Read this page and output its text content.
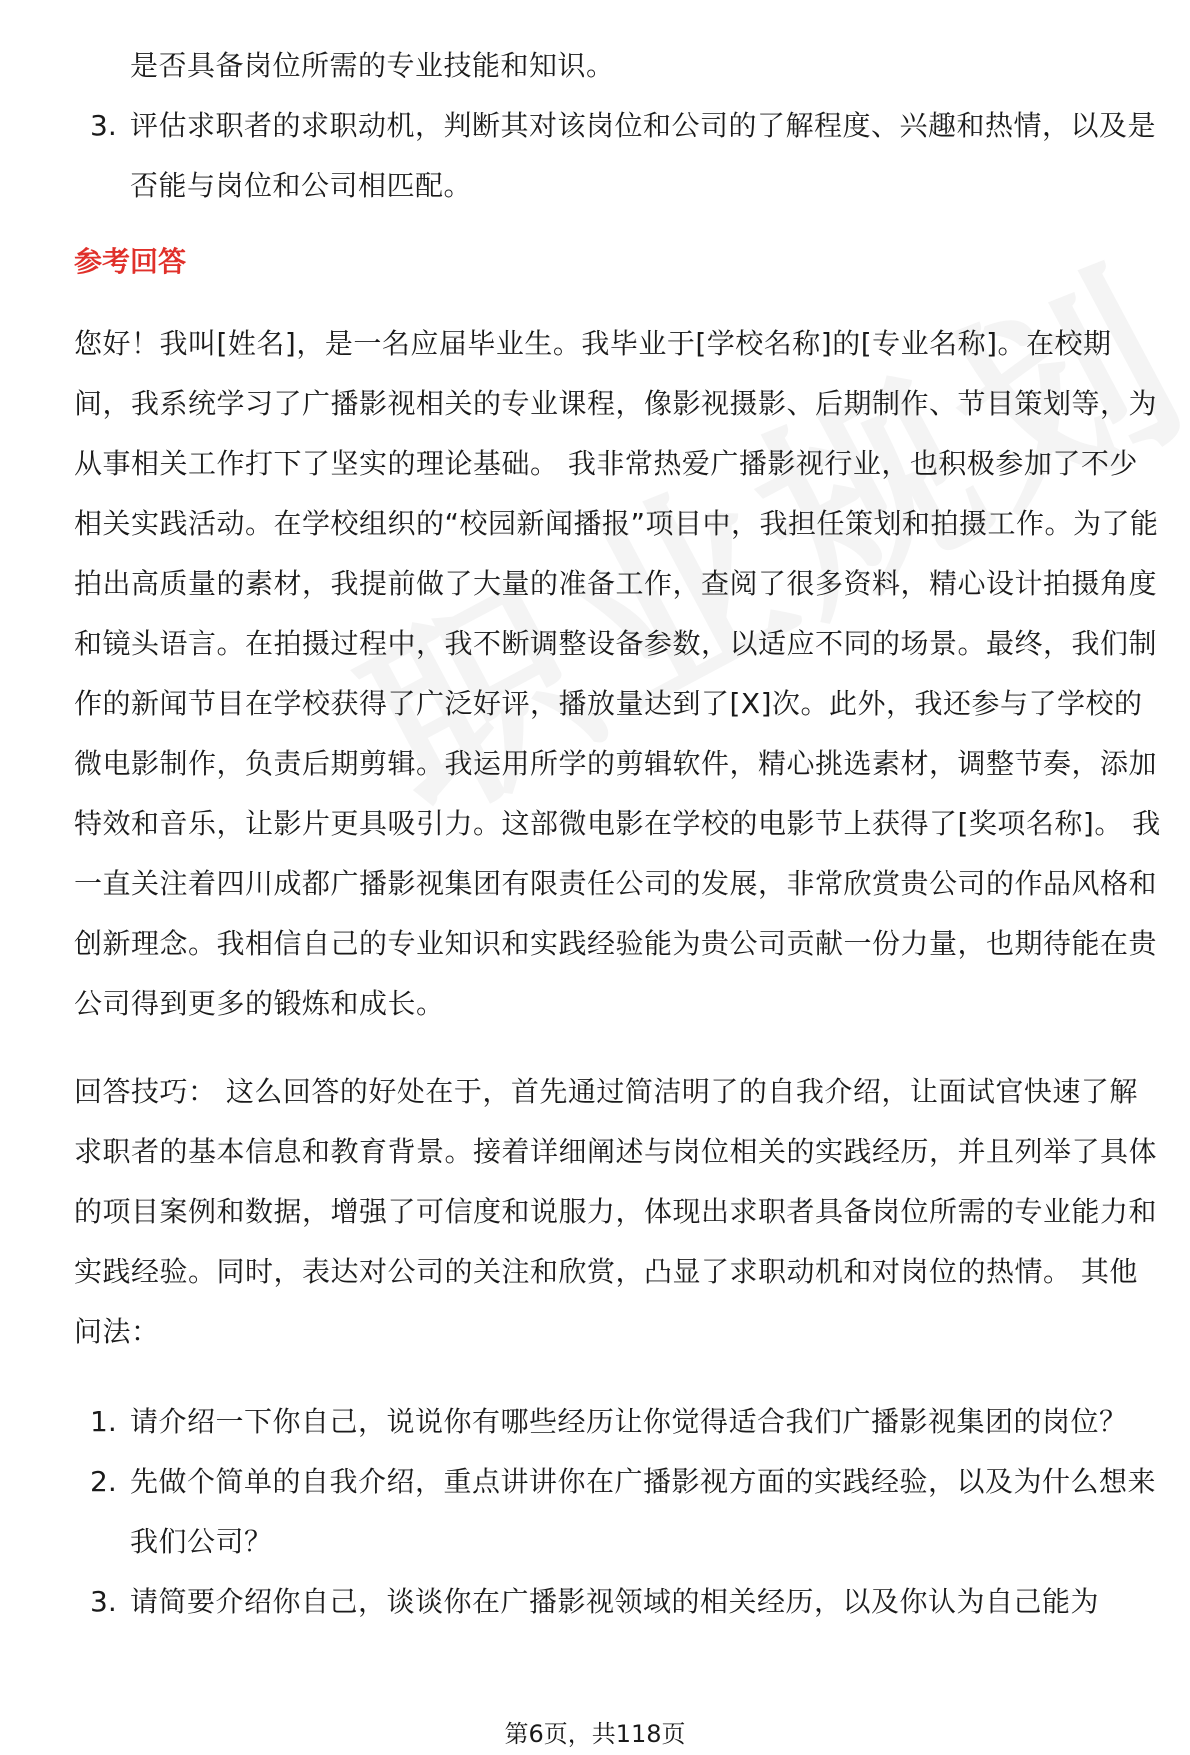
是否具备岗位所需的专业技能和知识。
3. 评估求职者的求职动机，判断其对该岗位和公司的了解程度、兴趣和热情，以及是否能与岗位和公司相匹配。
参考回答
您好！我叫[姓名]，是一名应届毕业生。我毕业于[学校名称]的[专业名称]。在校期间，我系统学习了广播影视相关的专业课程，像影视摄影、后期制作、节目策划等，为从事相关工作打下了坚实的理论基础。 我非常热爱广播影视行业，也积极参加了不少相关实践活动。在学校组织的“校园新闻播报”项目中，我担任策划和拍摄工作。为了能拍出高质量的素材，我提前做了大量的准备工作，查阅了很多资料，精心设计拍摄角度和镜头语言。在拍摄过程中，我不断调整设备参数，以适应不同的场景。最终，我们制作的新闻节目在学校获得了广泛好评，播放量达到了[X]次。此外，我还参与了学校的微电影制作，负责后期剪辑。我运用所学的剪辑软件，精心挑选素材，调整节奏，添加特效和音乐，让影片更具吸引力。这部微电影在学校的电影节上获得了[奖项名称]。 我一直关注着四川成都广播影视集团有限责任公司的发展，非常欣赏贵公司的作品风格和创新理念。我相信自己的专业知识和实践经验能为贵公司贡献一份力量，也期待能在贵公司得到更多的锻炼和成长。
回答技巧： 这么回答的好处在于，首先通过简洁明了的自我介绍，让面试官快速了解求职者的基本信息和教育背景。接着详细阐述与岗位相关的实践经历，并且列举了具体的项目案例和数据，增强了可信度和说服力，体现出求职者具备岗位所需的专业能力和实践经验。同时，表达对公司的关注和欣赏，凸显了求职动机和对岗位的热情。 其他问法：
1. 请介绍一下你自己，说说你有哪些经历让你觉得适合我们广播影视集团的岗位？
2. 先做个简单的自我介绍，重点讲讲你在广播影视方面的实践经验，以及为什么想来我们公司？
3. 请简要介绍你自己，谈谈你在广播影视领域的相关经历，以及你认为自己能为
第6页，共118页
